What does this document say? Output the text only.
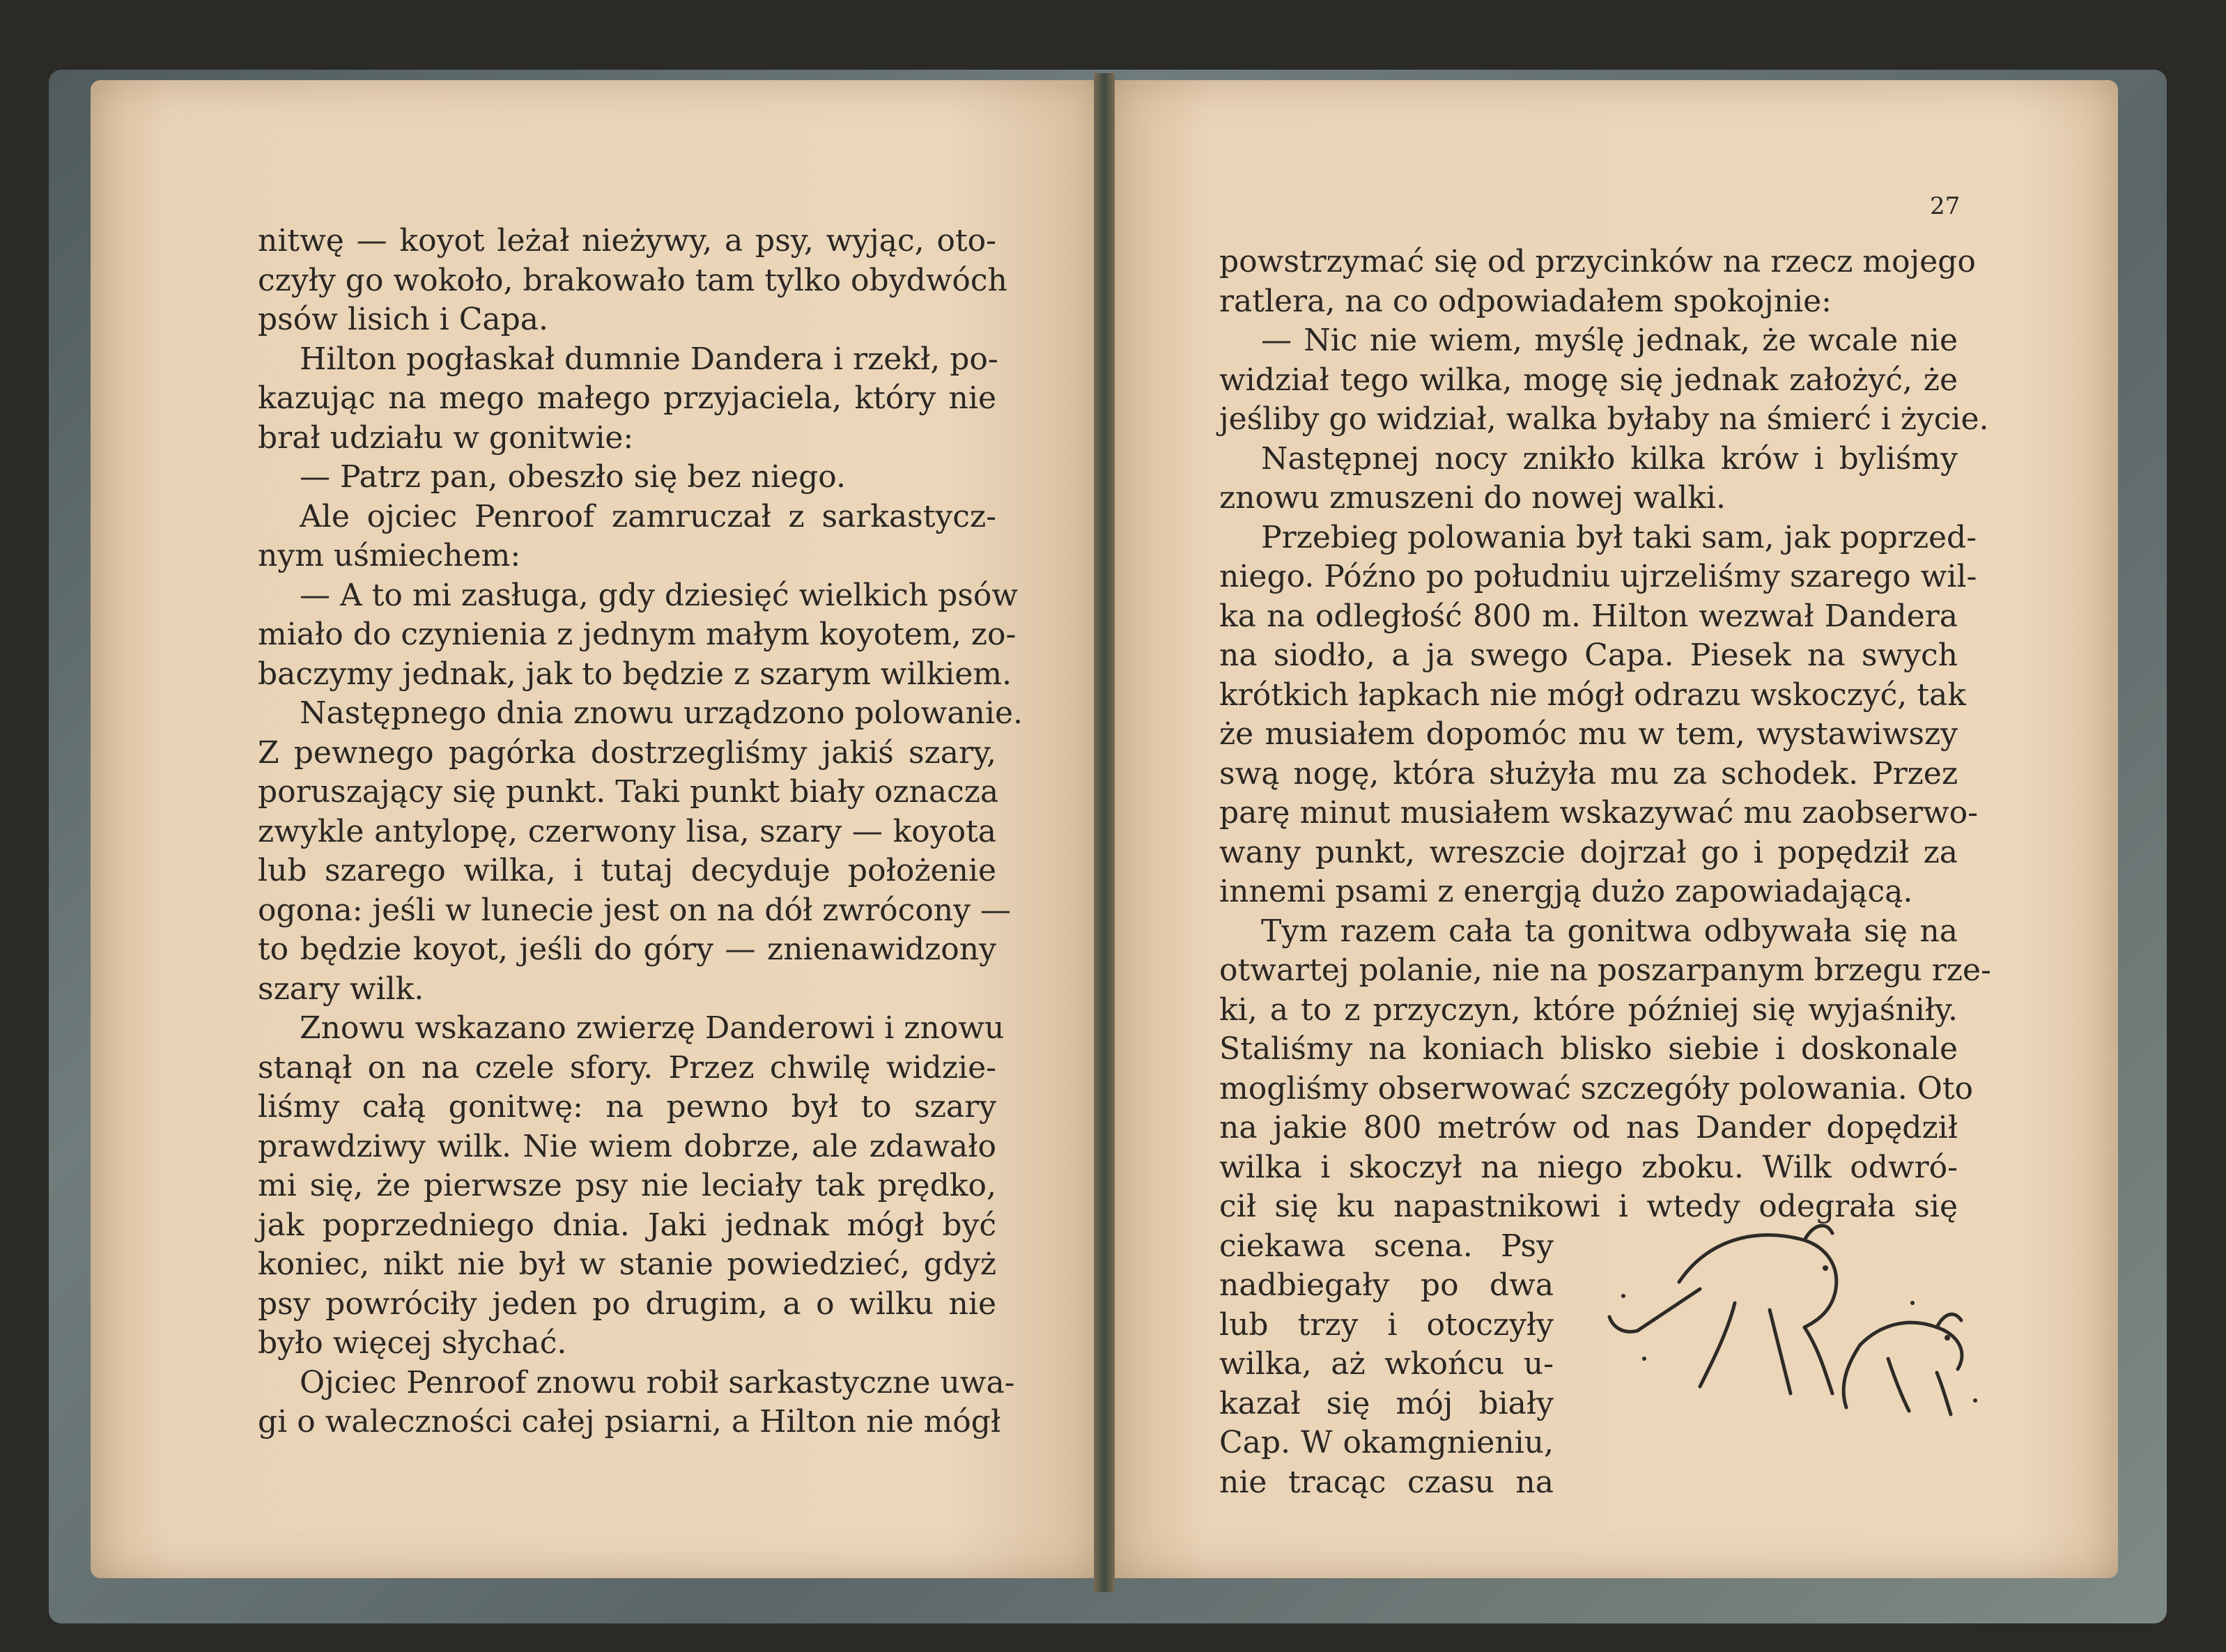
nitwę — koyot leżał nieżywy, a psy, wyjąc, oto-
czyły go wokoło, brakowało tam tylko obydwóch
psów lisich i Capa.
Hilton pogłaskał dumnie Dandera i rzekł, po-
kazując na mego małego przyjaciela, który nie
brał udziału w gonitwie:
— Patrz pan, obeszło się bez niego.
Ale ojciec Penroof zamruczał z sarkastycz-
nym uśmiechem:
— A to mi zasługa, gdy dziesięć wielkich psów
miało do czynienia z jednym małym koyotem, zo-
baczymy jednak, jak to będzie z szarym wilkiem.
Następnego dnia znowu urządzono polowanie.
Z pewnego pagórka dostrzegliśmy jakiś szary,
poruszający się punkt. Taki punkt biały oznacza
zwykle antylopę, czerwony lisa, szary — koyota
lub szarego wilka, i tutaj decyduje położenie
ogona: jeśli w lunecie jest on na dół zwrócony —
to będzie koyot, jeśli do góry — znienawidzony
szary wilk.
Znowu wskazano zwierzę Danderowi i znowu
stanął on na czele sfory. Przez chwilę widzie-
liśmy całą gonitwę: na pewno był to szary
prawdziwy wilk. Nie wiem dobrze, ale zdawało
mi się, że pierwsze psy nie leciały tak prędko,
jak poprzedniego dnia. Jaki jednak mógł być
koniec, nikt nie był w stanie powiedzieć, gdyż
psy powróciły jeden po drugim, a o wilku nie
było więcej słychać.
Ojciec Penroof znowu robił sarkastyczne uwa-
gi o waleczności całej psiarni, a Hilton nie mógł
27
powstrzymać się od przycinków na rzecz mojego
ratlera, na co odpowiadałem spokojnie:
— Nic nie wiem, myślę jednak, że wcale nie
widział tego wilka, mogę się jednak założyć, że
jeśliby go widział, walka byłaby na śmierć i życie.
Następnej nocy znikło kilka krów i byliśmy
znowu zmuszeni do nowej walki.
Przebieg polowania był taki sam, jak poprzed-
niego. Późno po południu ujrzeliśmy szarego wil-
ka na odległość 800 m. Hilton wezwał Dandera
na siodło, a ja swego Capa. Piesek na swych
krótkich łapkach nie mógł odrazu wskoczyć, tak
że musiałem dopomóc mu w tem, wystawiwszy
swą nogę, która służyła mu za schodek. Przez
parę minut musiałem wskazywać mu zaobserwo-
wany punkt, wreszcie dojrzał go i popędził za
innemi psami z energją dużo zapowiadającą.
Tym razem cała ta gonitwa odbywała się na
otwartej polanie, nie na poszarpanym brzegu rze-
ki, a to z przyczyn, które później się wyjaśniły.
Staliśmy na koniach blisko siebie i doskonale
mogliśmy obserwować szczegóły polowania. Oto
na jakie 800 metrów od nas Dander dopędził
wilka i skoczył na niego zboku. Wilk odwró-
cił się ku napastnikowi i wtedy odegrała się
ciekawa scena. Psy
nadbiegały po dwa
lub trzy i otoczyły
wilka, aż wkońcu u-
kazał się mój biały
Cap. W okamgnieniu,
nie tracąc czasu na
